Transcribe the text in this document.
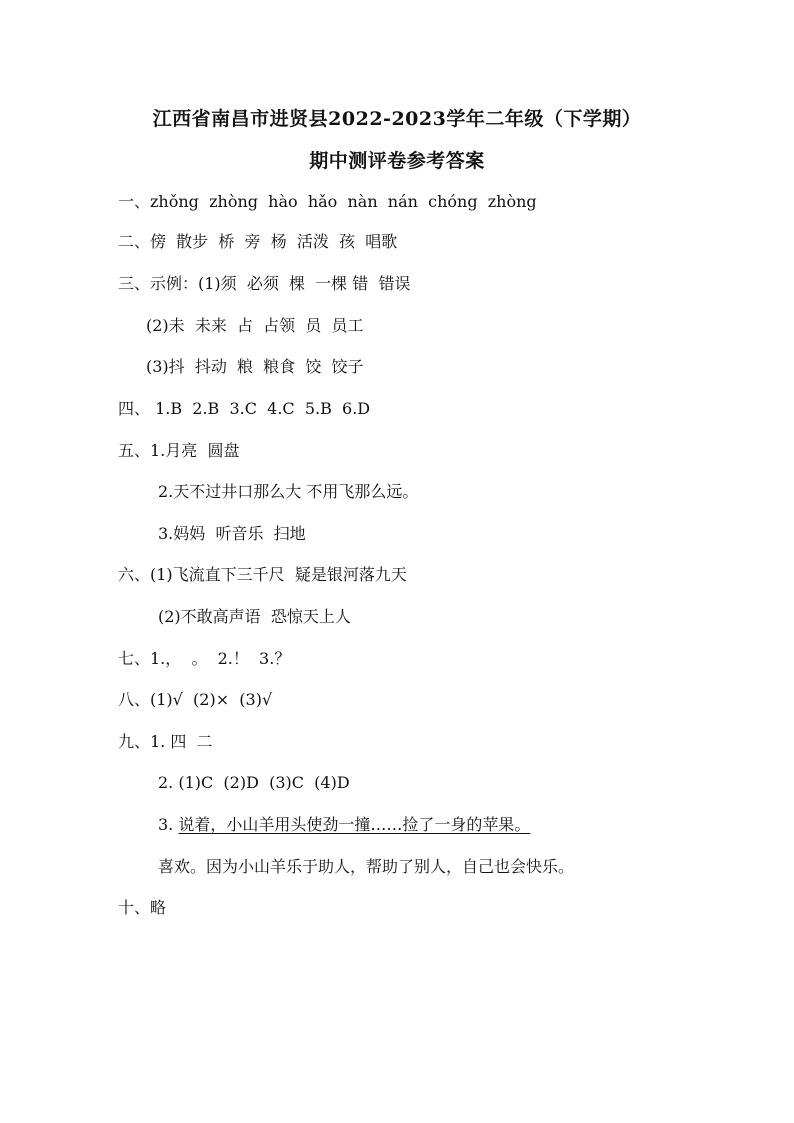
江西省南昌市进贤县2022-2023学年二年级（下学期）
期中测评卷参考答案

一、zhǒng  zhòng  hào  hǎo  nàn  nán  chóng  zhòng

二、傍  散步  桥  旁  杨  活泼  孩  唱歌

三、示例：(1)须  必须  棵  一棵 错  错误

(2)未  未来  占  占领  员  员工

(3)抖  抖动  粮  粮食  饺  饺子

四、 1.B  2.B  3.C  4.C  5.B  6.D

五、1.月亮  圆盘

2.天不过井口那么大 不用飞那么远。

3.妈妈  听音乐  扫地

六、(1)飞流直下三千尺  疑是银河落九天

(2)不敢高声语  恐惊天上人

七、1.，  。  2.！  3.？

八、(1)√  (2)×  (3)√

九、1. 四  二

2. (1)C  (2)D  (3)C  (4)D

3. 说着，小山羊用头使劲一撞……捡了一身的苹果。

喜欢。因为小山羊乐于助人，帮助了别人，自己也会快乐。

十、略
